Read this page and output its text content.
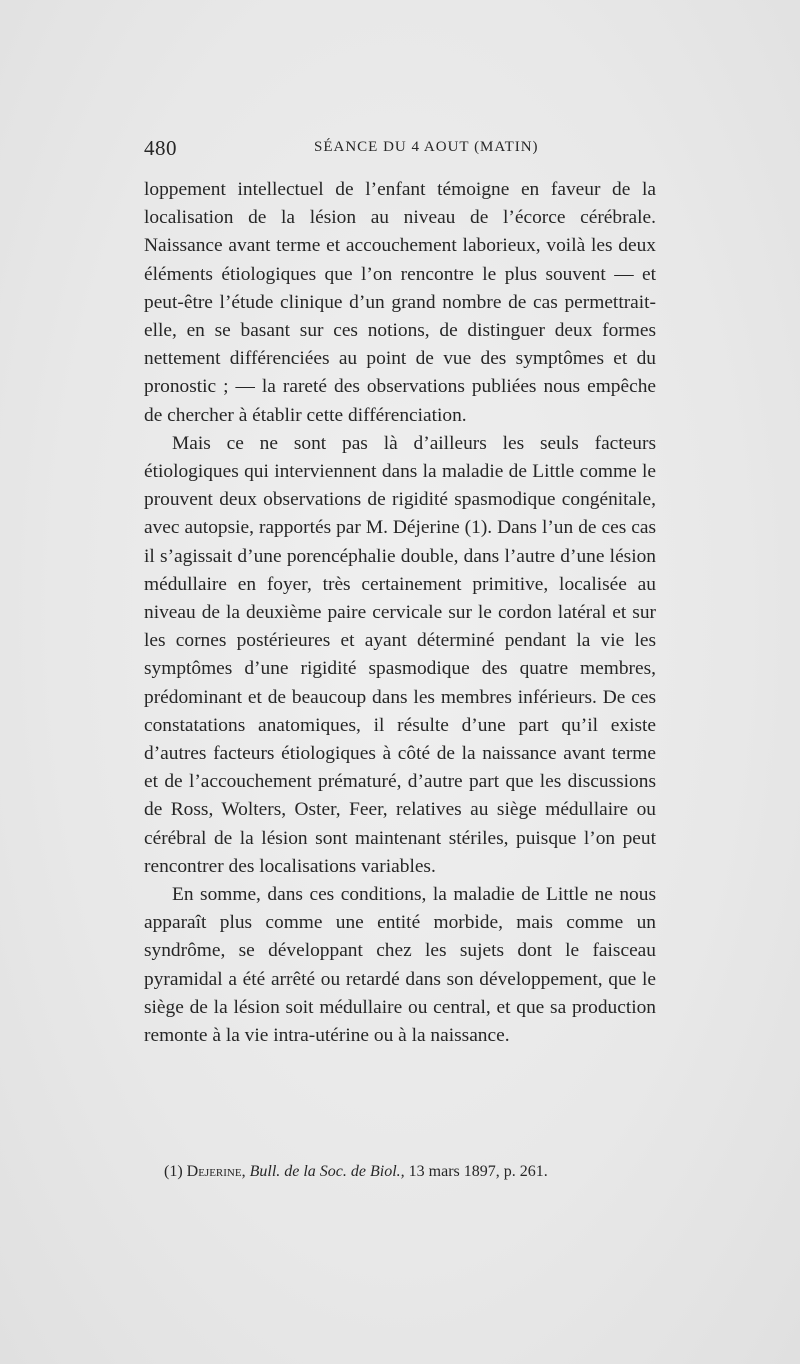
480	SÉANCE DU 4 AOUT (MATIN)

loppement intellectuel de l’enfant témoigne en faveur de la localisation de la lésion au niveau de l’écorce cérébrale. Naissance avant terme et accouchement laborieux, voilà les deux éléments étiologiques que l’on rencontre le plus souvent — et peut-être l’étude clinique d’un grand nombre de cas permettrait-elle, en se basant sur ces notions, de distinguer deux formes nettement différenciées au point de vue des symptômes et du pronostic ; — la rareté des observations publiées nous empêche de chercher à établir cette différenciation.

Mais ce ne sont pas là d’ailleurs les seuls facteurs étiologiques qui interviennent dans la maladie de Little comme le prouvent deux observations de rigidité spasmodique congénitale, avec autopsie, rapportés par M. Déjerine (1). Dans l’un de ces cas il s’agissait d’une porencéphalie double, dans l’autre d’une lésion médullaire en foyer, très certainement primitive, localisée au niveau de la deuxième paire cervicale sur le cordon latéral et sur les cornes postérieures et ayant déterminé pendant la vie les symptômes d’une rigidité spasmodique des quatre membres, prédominant et de beaucoup dans les membres inférieurs. De ces constatations anatomiques, il résulte d’une part qu’il existe d’autres facteurs étiologiques à côté de la naissance avant terme et de l’accouchement prématuré, d’autre part que les discussions de Ross, Wolters, Oster, Feer, relatives au siège médullaire ou cérébral de la lésion sont maintenant stériles, puisque l’on peut rencontrer des localisations variables.

En somme, dans ces conditions, la maladie de Little ne nous apparaît plus comme une entité morbide, mais comme un syndrôme, se développant chez les sujets dont le faisceau pyramidal a été arrêté ou retardé dans son développement, que le siège de la lésion soit médullaire ou central, et que sa production remonte à la vie intra-utérine ou à la naissance.

(1) Dejerine, Bull. de la Soc. de Biol., 13 mars 1897, p. 261.
